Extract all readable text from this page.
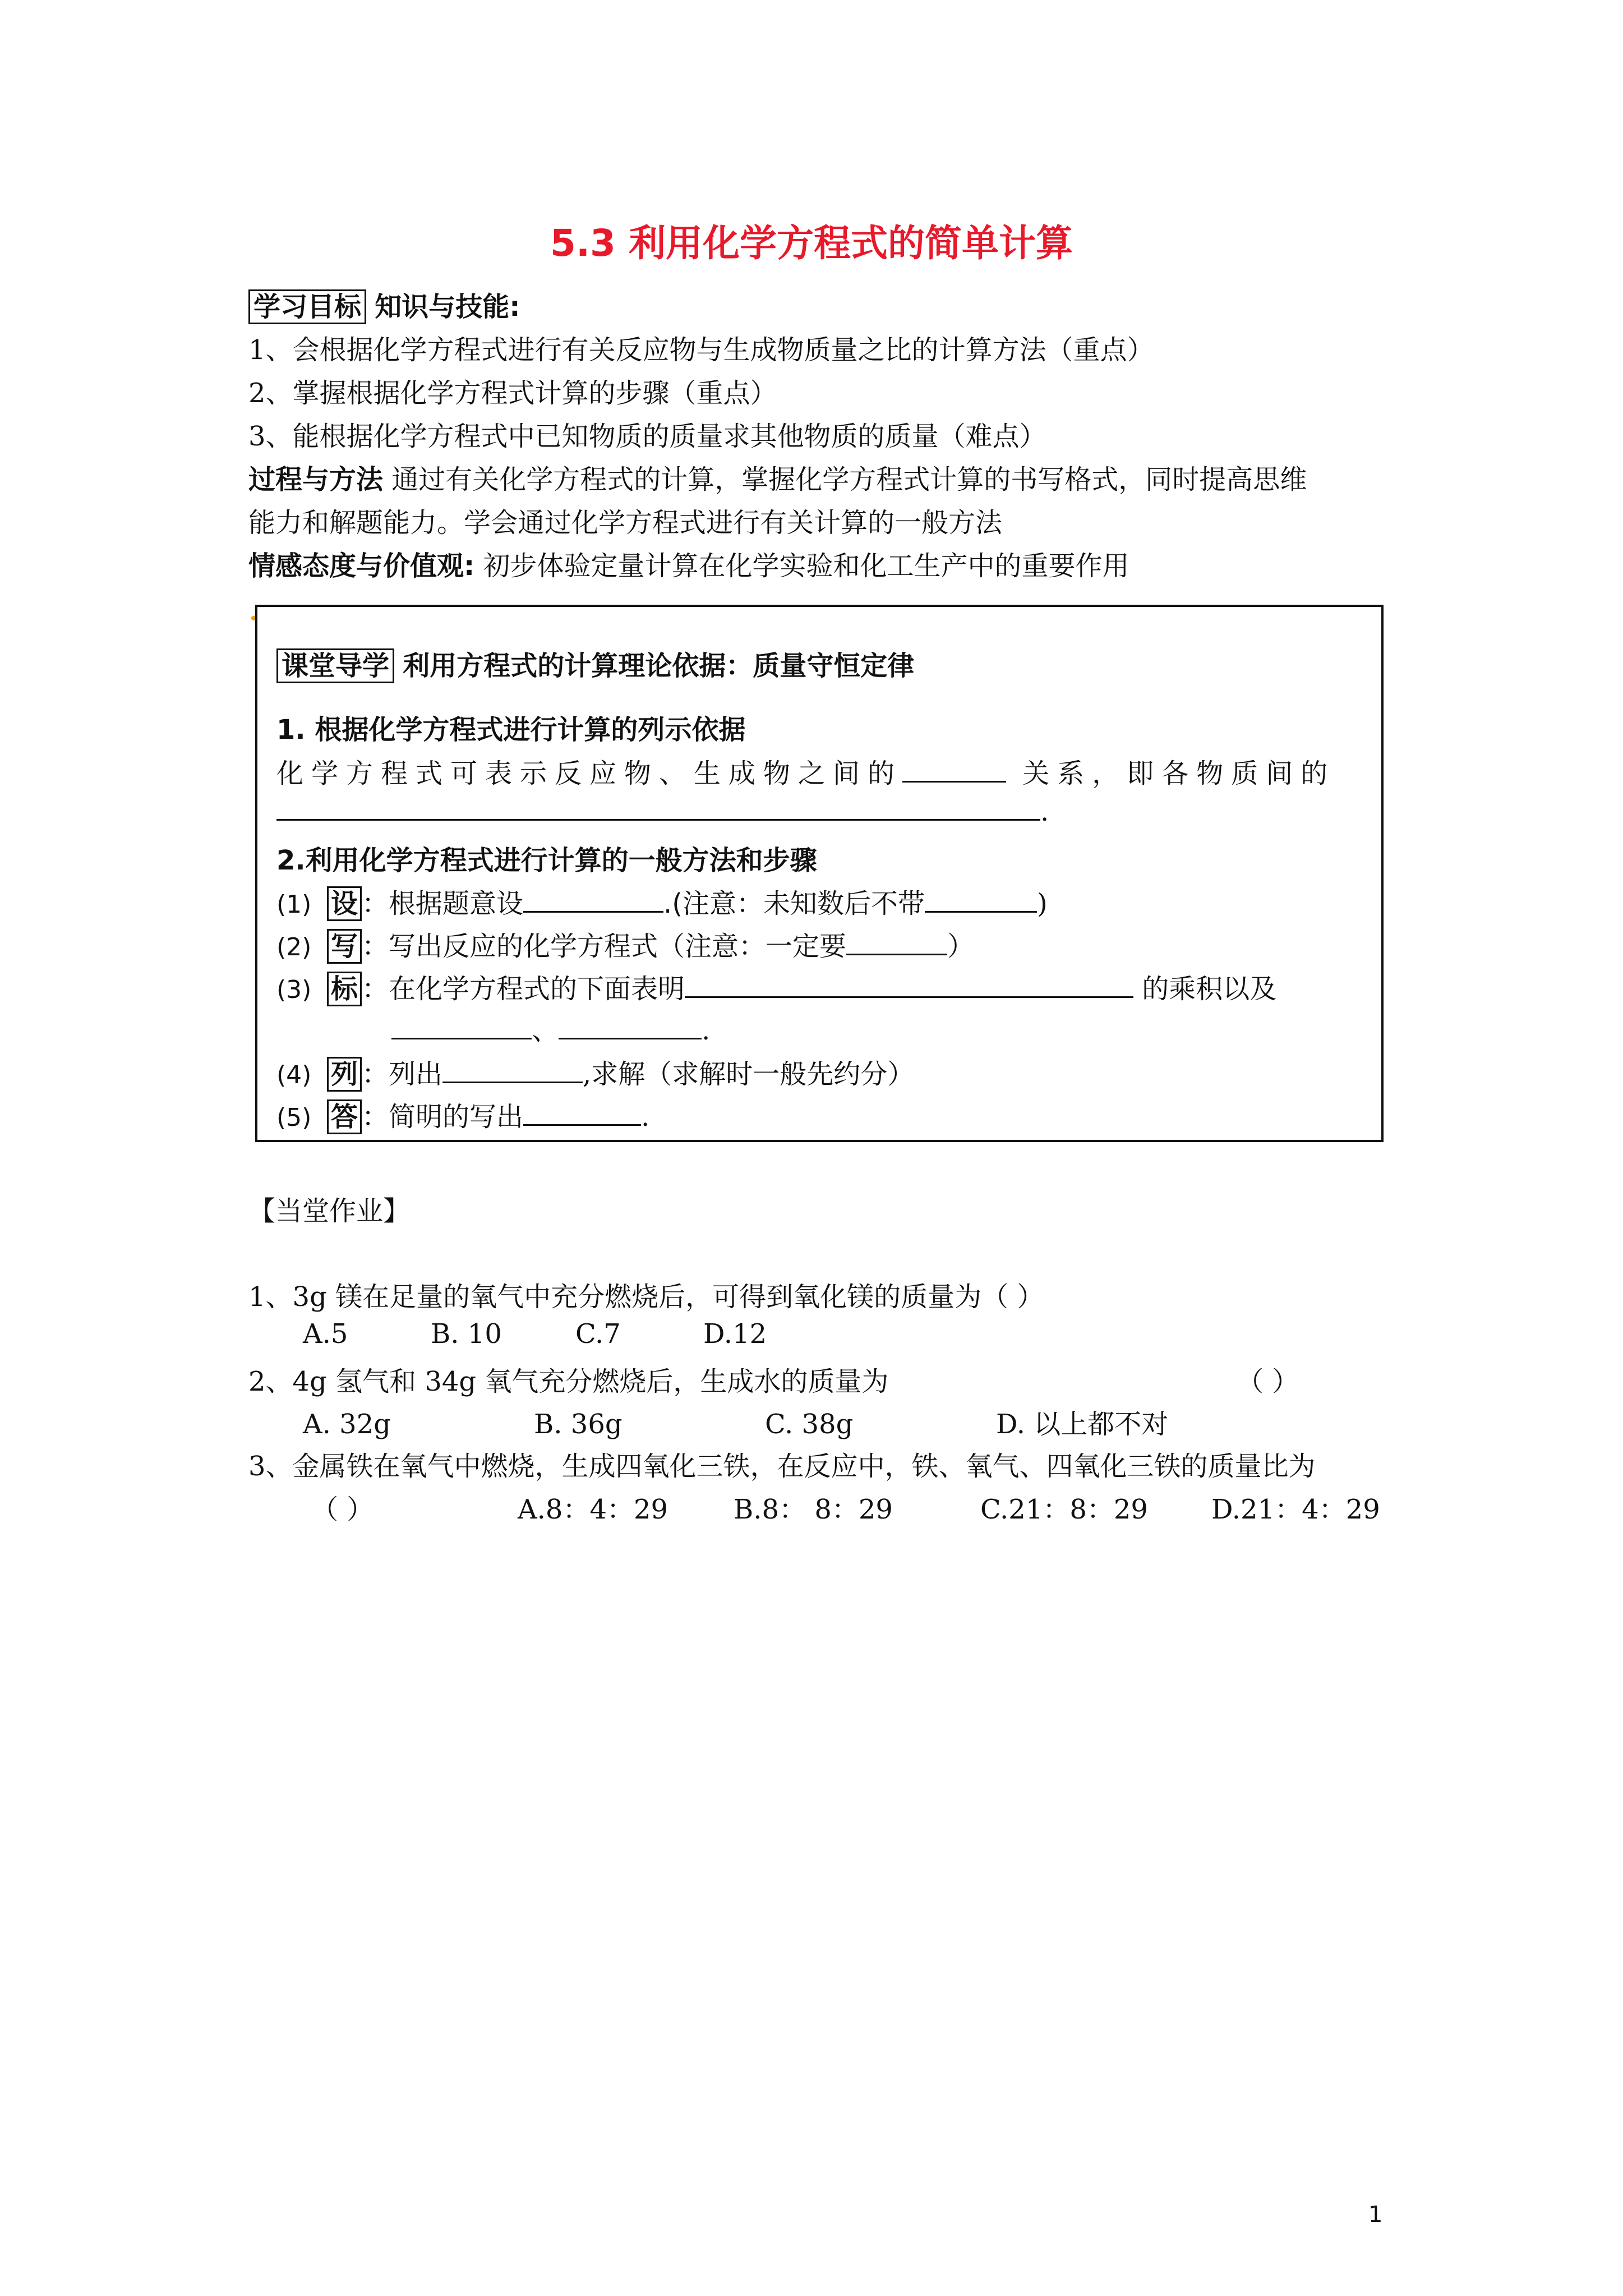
5.3 利用化学方程式的简单计算
学习目标 知识与技能:
1、会根据化学方程式进行有关反应物与生成物质量之比的计算方法（重点）
2、掌握根据化学方程式计算的步骤（重点）
3、能根据化学方程式中已知物质的质量求其他物质的质量（难点）
过程与方法 通过有关化学方程式的计算，掌握化学方程式计算的书写格式，同时提高思维
能力和解题能力。学会通过化学方程式进行有关计算的一般方法
情感态度与价值观: 初步体验定量计算在化学实验和化工生产中的重要作用
课堂导学 利用方程式的计算理论依据：质量守恒定律
1. 根据化学方程式进行计算的列示依据
化学方程式可表示反应物、生成物之间的	关系，即各物质间的
.
2.利用化学方程式进行计算的一般方法和步骤
(1) 设 ：根据题意设	.(注意：未知数后不带	)
(2) 写 ：写出反应的化学方程式（注意：一定要	）
(3) 标 ：在化学方程式的下面表明	的乘积以及
、	.
(4) 列 ：列出	,求解（求解时一般先约分）
(5) 答 ：简明的写出	.
【当堂作业】
1、3g 镁在足量的氧气中充分燃烧后，可得到氧化镁的质量为（ ）
A.5	B. 10	C.7	D.12
2、4g 氢气和 34g 氧气充分燃烧后，生成水的质量为	（ ）
A. 32g	B. 36g	C. 38g	D. 以上都不对
3、金属铁在氧气中燃烧，生成四氧化三铁，在反应中，铁、氧气、四氧化三铁的质量比为
（ ）	A.8：4：29 B.8： 8：29	C.21：8：29 D.21：4：29
1
